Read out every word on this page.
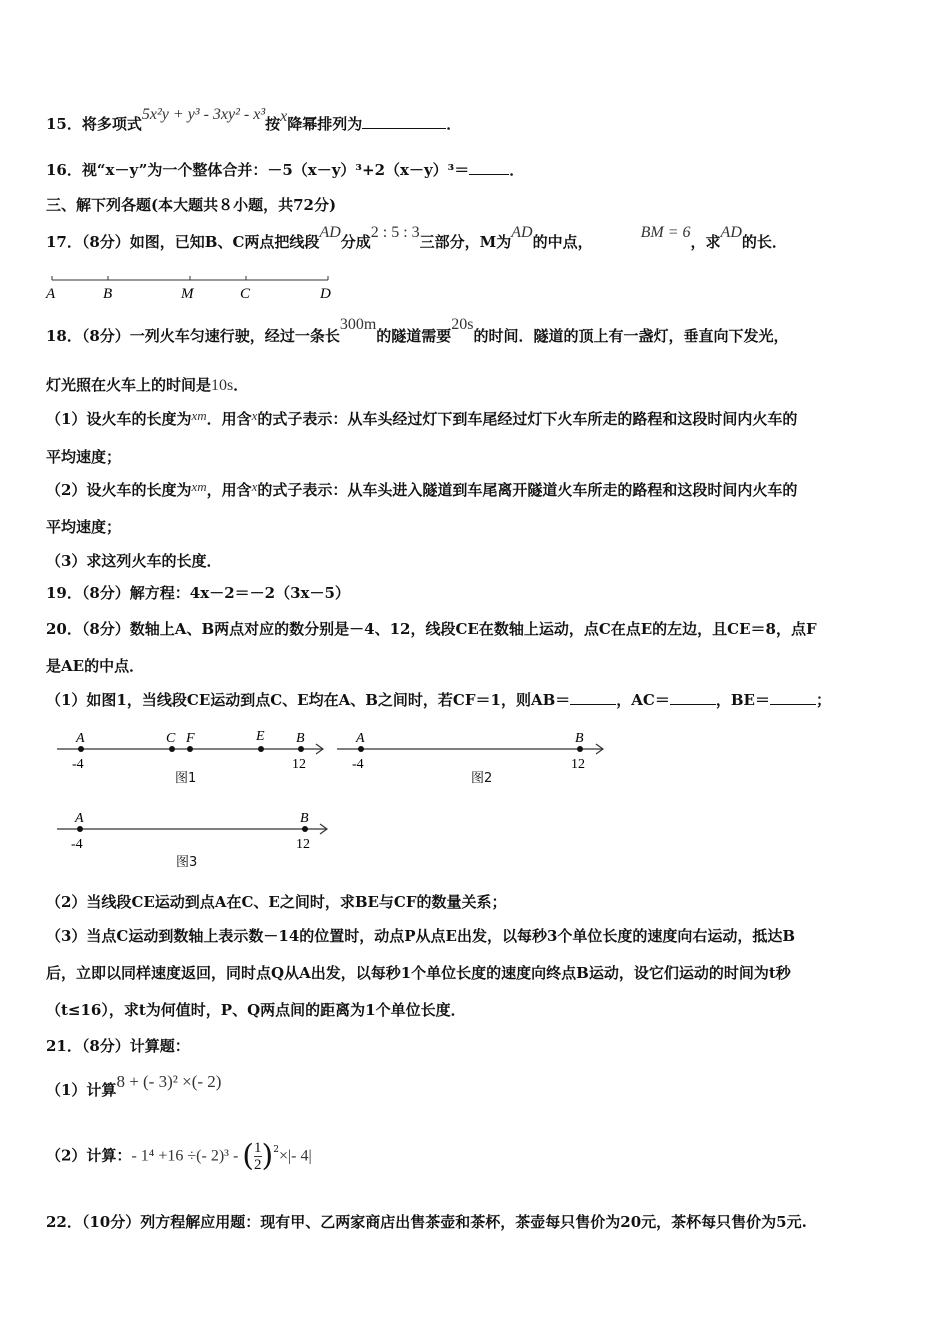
15．将多项式5x²y + y³ - 3xy² - x³按x降幂排列为	．
16．视“x－y”为一个整体合并：－5（x－y）³+2（x－y）³＝	．
三、解下列各题(本大题共８小题，共72分)
17．（8分）如图，已知B、C两点把线段AD分成2 : 5 : 3三部分，M为AD的中点，BM = 6，求AD的长．
A	B	M	C	D
18．（8分）一列火车匀速行驶，经过一条长300m的隧道需要20s的时间．隧道的顶上有一盏灯，垂直向下发光，
灯光照在火车上的时间是10s．
（1）设火车的长度为xm．用含x的式子表示：从车头经过灯下到车尾经过灯下火车所走的路程和这段时间内火车的
平均速度；
（2）设火车的长度为xm，用含x的式子表示：从车头进入隧道到车尾离开隧道火车所走的路程和这段时间内火车的
平均速度；
（3）求这列火车的长度．
19．（8分）解方程：4x－2＝－2（3x－5）
20．（8分）数轴上A、B两点对应的数分别是－4、12，线段CE在数轴上运动，点C在点E的左边，且CE＝8，点F
是AE的中点．
（1）如图1，当线段CE运动到点C、E均在A、B之间时，若CF＝1，则AB＝	，AC＝	，BE＝	；
A	C F	E B
-4	12
图1
A	B
-4	12
图2
A	B
-4	12
图3
（2）当线段CE运动到点A在C、E之间时，求BE与CF的数量关系；
（3）当点C运动到数轴上表示数－14的位置时，动点P从点E出发，以每秒3个单位长度的速度向右运动，抵达B
后，立即以同样速度返回，同时点Q从A出发，以每秒1个单位长度的速度向终点B运动，设它们运动的时间为t秒
（t≤16），求t为何值时，P、Q两点间的距离为1个单位长度．
21．（8分）计算题：
（1）计算8 + (- 3)² ×(- 2)
（2）计算：- 1⁴ +16 ÷(- 2)³ - ( $\frac{1}{2} )^2\times|-$ 4|
22．（10分）列方程解应用题：现有甲、乙两家商店出售茶壶和茶杯，茶壶每只售价为20元，茶杯每只售价为5元.
